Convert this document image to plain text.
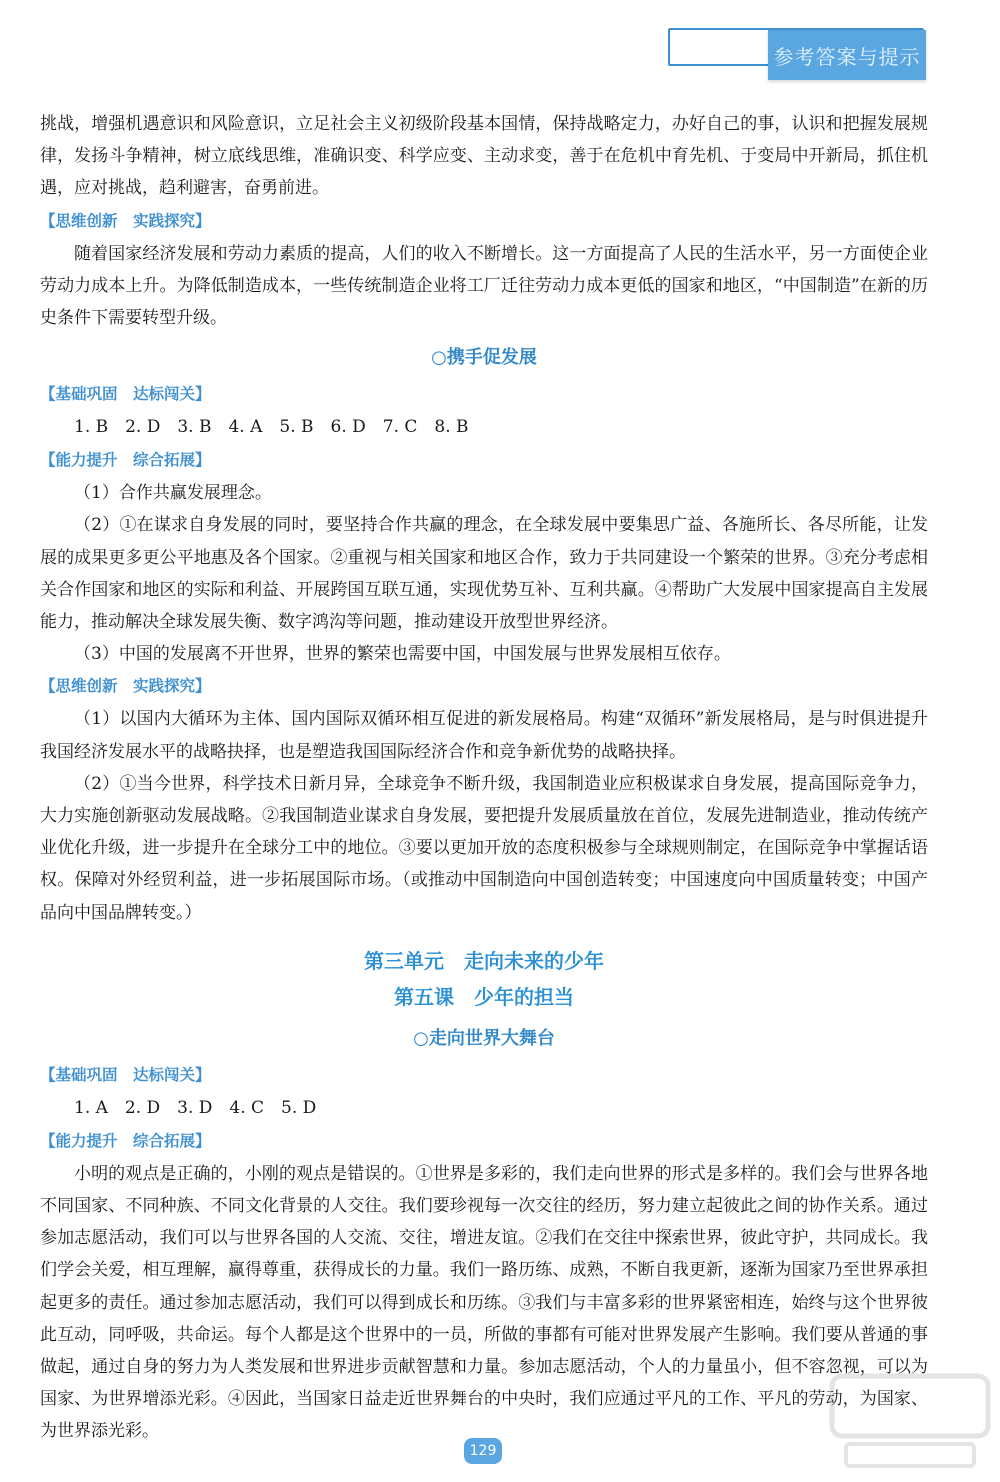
参考答案与提示

挑战，增强机遇意识和风险意识，立足社会主义初级阶段基本国情，保持战略定力，办好自己的事，认识和把握发展规律，发扬斗争精神，树立底线思维，准确识变、科学应变、主动求变，善于在危机中育先机、于变局中开新局，抓住机遇，应对挑战，趋利避害，奋勇前进。

【思维创新　实践探究】

随着国家经济发展和劳动力素质的提高，人们的收入不断增长。这一方面提高了人民的生活水平，另一方面使企业劳动力成本上升。为降低制造成本，一些传统制造企业将工厂迁往劳动力成本更低的国家和地区，“中国制造”在新的历史条件下需要转型升级。

○携手促发展

【基础巩固　达标闯关】

1. B　2. D　3. B　4. A　5. B　6. D　7. C　8. B

【能力提升　综合拓展】

（1）合作共赢发展理念。

（2）①在谋求自身发展的同时，要坚持合作共赢的理念，在全球发展中要集思广益、各施所长、各尽所能，让发展的成果更多更公平地惠及各个国家。②重视与相关国家和地区合作，致力于共同建设一个繁荣的世界。③充分考虑相关合作国家和地区的实际和利益、开展跨国互联互通，实现优势互补、互利共赢。④帮助广大发展中国家提高自主发展能力，推动解决全球发展失衡、数字鸿沟等问题，推动建设开放型世界经济。

（3）中国的发展离不开世界，世界的繁荣也需要中国，中国发展与世界发展相互依存。

【思维创新　实践探究】

（1）以国内大循环为主体、国内国际双循环相互促进的新发展格局。构建“双循环”新发展格局，是与时俱进提升我国经济发展水平的战略抉择，也是塑造我国国际经济合作和竞争新优势的战略抉择。

（2）①当今世界，科学技术日新月异，全球竞争不断升级，我国制造业应积极谋求自身发展，提高国际竞争力，大力实施创新驱动发展战略。②我国制造业谋求自身发展，要把提升发展质量放在首位，发展先进制造业，推动传统产业优化升级，进一步提升在全球分工中的地位。③要以更加开放的态度积极参与全球规则制定，在国际竞争中掌握话语权。保障对外经贸利益，进一步拓展国际市场。（或推动中国制造向中国创造转变；中国速度向中国质量转变；中国产品向中国品牌转变。）

第三单元　走向未来的少年
第五课　少年的担当
○走向世界大舞台

【基础巩固　达标闯关】

1. A　2. D　3. D　4. C　5. D

【能力提升　综合拓展】

小明的观点是正确的，小刚的观点是错误的。①世界是多彩的，我们走向世界的形式是多样的。我们会与世界各地不同国家、不同种族、不同文化背景的人交往。我们要珍视每一次交往的经历，努力建立起彼此之间的协作关系。通过参加志愿活动，我们可以与世界各国的人交流、交往，增进友谊。②我们在交往中探索世界，彼此守护，共同成长。我们学会关爱，相互理解，赢得尊重，获得成长的力量。我们一路历练、成熟，不断自我更新，逐渐为国家乃至世界承担起更多的责任。通过参加志愿活动，我们可以得到成长和历练。③我们与丰富多彩的世界紧密相连，始终与这个世界彼此互动，同呼吸，共命运。每个人都是这个世界中的一员，所做的事都有可能对世界发展产生影响。我们要从普通的事做起，通过自身的努力为人类发展和世界进步贡献智慧和力量。参加志愿活动，个人的力量虽小，但不容忽视，可以为国家、为世界增添光彩。④因此，当国家日益走近世界舞台的中央时，我们应通过平凡的工作、平凡的劳动，为国家、为世界添光彩。

129
